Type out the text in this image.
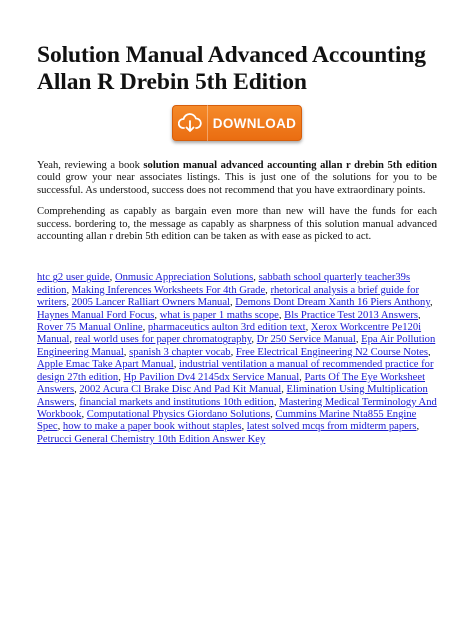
Solution Manual Advanced Accounting Allan R Drebin 5th Edition
DOWNLOAD

Yeah, reviewing a book solution manual advanced accounting allan r drebin 5th edition could grow your near associates listings. This is just one of the solutions for you to be successful. As understood, success does not recommend that you have extraordinary points.

Comprehending as capably as bargain even more than new will have the funds for each success. bordering to, the message as capably as sharpness of this solution manual advanced accounting allan r drebin 5th edition can be taken as with ease as picked to act.

htc g2 user guide, Onmusic Appreciation Solutions, sabbath school quarterly teacher39s edition, Making Inferences Worksheets For 4th Grade, rhetorical analysis a brief guide for writers, 2005 Lancer Ralliart Owners Manual, Demons Dont Dream Xanth 16 Piers Anthony, Haynes Manual Ford Focus, what is paper 1 maths scope, Bls Practice Test 2013 Answers, Rover 75 Manual Online, pharmaceutics aulton 3rd edition text, Xerox Workcentre Pe120i Manual, real world uses for paper chromatography, Dr 250 Service Manual, Epa Air Pollution Engineering Manual, spanish 3 chapter vocab, Free Electrical Engineering N2 Course Notes, Apple Emac Take Apart Manual, industrial ventilation a manual of recommended practice for design 27th edition, Hp Pavilion Dv4 2145dx Service Manual, Parts Of The Eye Worksheet Answers, 2002 Acura Cl Brake Disc And Pad Kit Manual, Elimination Using Multiplication Answers, financial markets and institutions 10th edition, Mastering Medical Terminology And Workbook, Computational Physics Giordano Solutions, Cummins Marine Nta855 Engine Spec, how to make a paper book without staples, latest solved mcqs from midterm papers, Petrucci General Chemistry 10th Edition Answer Key
